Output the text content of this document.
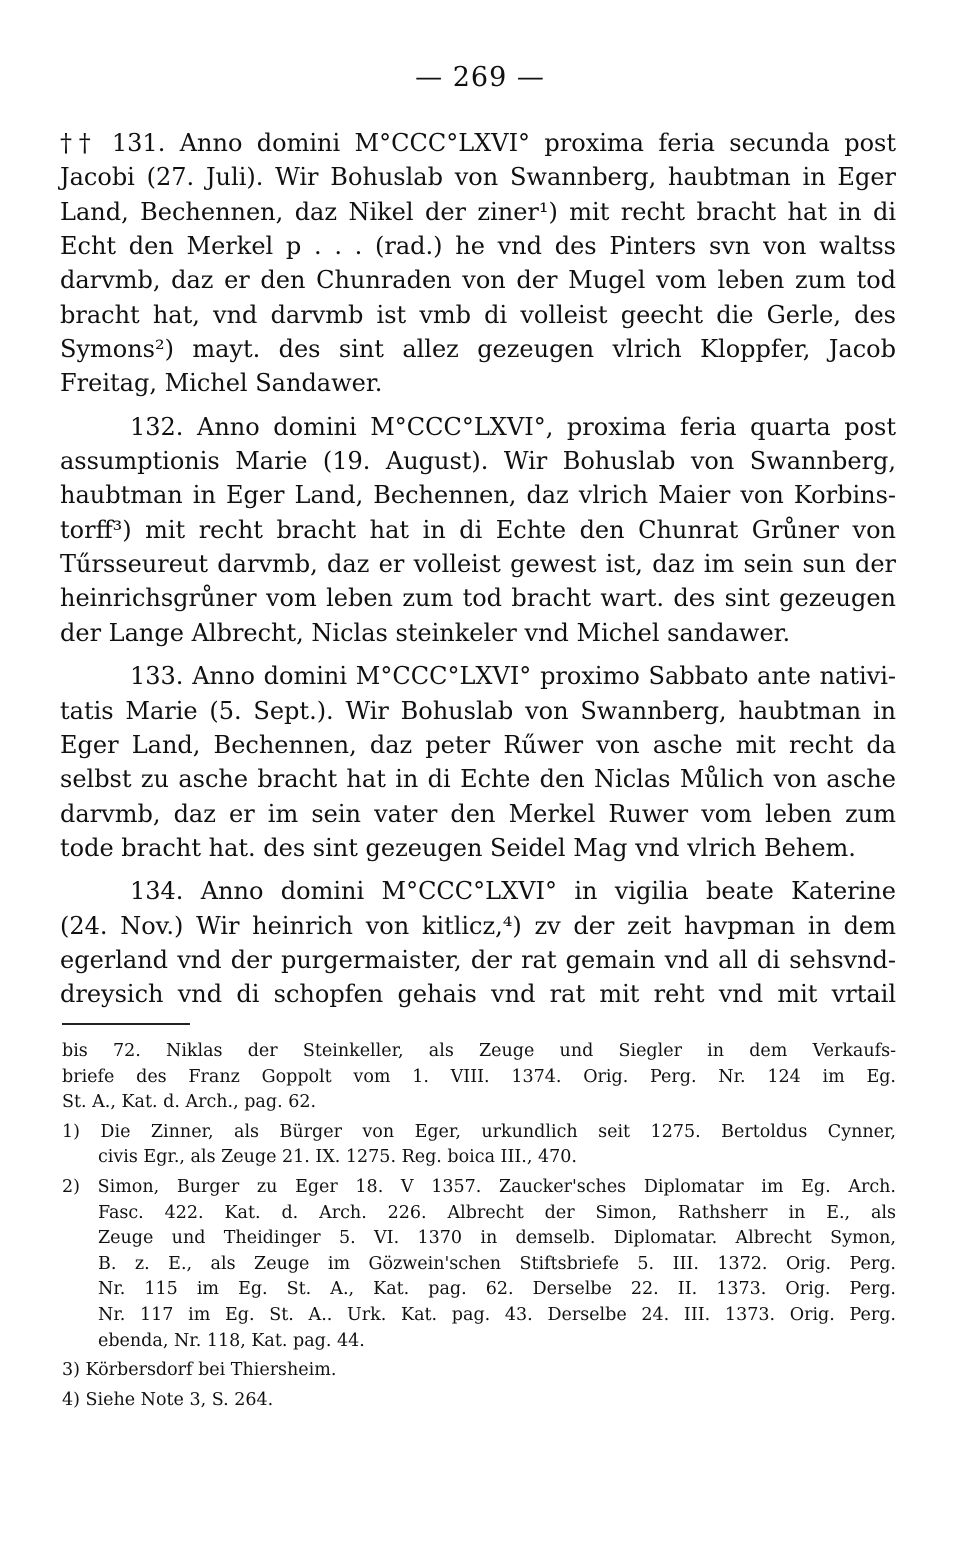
— 269 —
†† 131. Anno domini M°CCC°LXVI° proxima feria secunda post
Jacobi (27. Juli). Wir Bohuslab von Swannberg, haubtman in Eger
Land, Bechennen, daz Nikel der ziner¹) mit recht bracht hat in di
Echt den Merkel p . . . (rad.) he vnd des Pinters svn von waltss
darvmb, daz er den Chunraden von der Mugel vom leben zum tod
bracht hat, vnd darvmb ist vmb di volleist geecht die Gerle, des
Symons²) mayt. des sint allez gezeugen vlrich Kloppfer, Jacob
Freitag, Michel Sandawer.
132. Anno domini M°CCC°LXVI°, proxima feria quarta post
assumptionis Marie (19. August). Wir Bohuslab von Swannberg,
haubtman in Eger Land, Bechennen, daz vlrich Maier von Korbins-
torff³) mit recht bracht hat in di Echte den Chunrat Grůner von
Tűrsseureut darvmb, daz er volleist gewest ist, daz im sein sun der
heinrichsgrůner vom leben zum tod bracht wart. des sint gezeugen
der Lange Albrecht, Niclas steinkeler vnd Michel sandawer.
133. Anno domini M°CCC°LXVI° proximo Sabbato ante nativi-
tatis Marie (5. Sept.). Wir Bohuslab von Swannberg, haubtman in
Eger Land, Bechennen, daz peter Rűwer von asche mit recht da
selbst zu asche bracht hat in di Echte den Niclas Můlich von asche
darvmb, daz er im sein vater den Merkel Ruwer vom leben zum
tode bracht hat. des sint gezeugen Seidel Mag vnd vlrich Behem.
134. Anno domini M°CCC°LXVI° in vigilia beate Katerine
(24. Nov.) Wir heinrich von kitlicz,⁴) zv der zeit havpman in dem
egerland vnd der purgermaister, der rat gemain vnd all di sehsvnd-
dreysich vnd di schopfen gehais vnd rat mit reht vnd mit vrtail
bis 72. Niklas der Steinkeller, als Zeuge und Siegler in dem Verkaufs-
briefe des Franz Goppolt vom 1. VIII. 1374. Orig. Perg. Nr. 124 im Eg.
St. A., Kat. d. Arch., pag. 62.
1) Die Zinner, als Bürger von Eger, urkundlich seit 1275. Bertoldus Cynner,
civis Egr., als Zeuge 21. IX. 1275. Reg. boica III., 470.
2) Simon, Burger zu Eger 18. V 1357. Zaucker'sches Diplomatar im Eg. Arch.
Fasc. 422. Kat. d. Arch. 226. Albrecht der Simon, Rathsherr in E., als
Zeuge und Theidinger 5. VI. 1370 in demselb. Diplomatar. Albrecht Symon,
B. z. E., als Zeuge im Gözwein'schen Stiftsbriefe 5. III. 1372. Orig. Perg.
Nr. 115 im Eg. St. A., Kat. pag. 62. Derselbe 22. II. 1373. Orig. Perg.
Nr. 117 im Eg. St. A.. Urk. Kat. pag. 43. Derselbe 24. III. 1373. Orig. Perg.
ebenda, Nr. 118, Kat. pag. 44.
3) Körbersdorf bei Thiersheim.
4) Siehe Note 3, S. 264.
